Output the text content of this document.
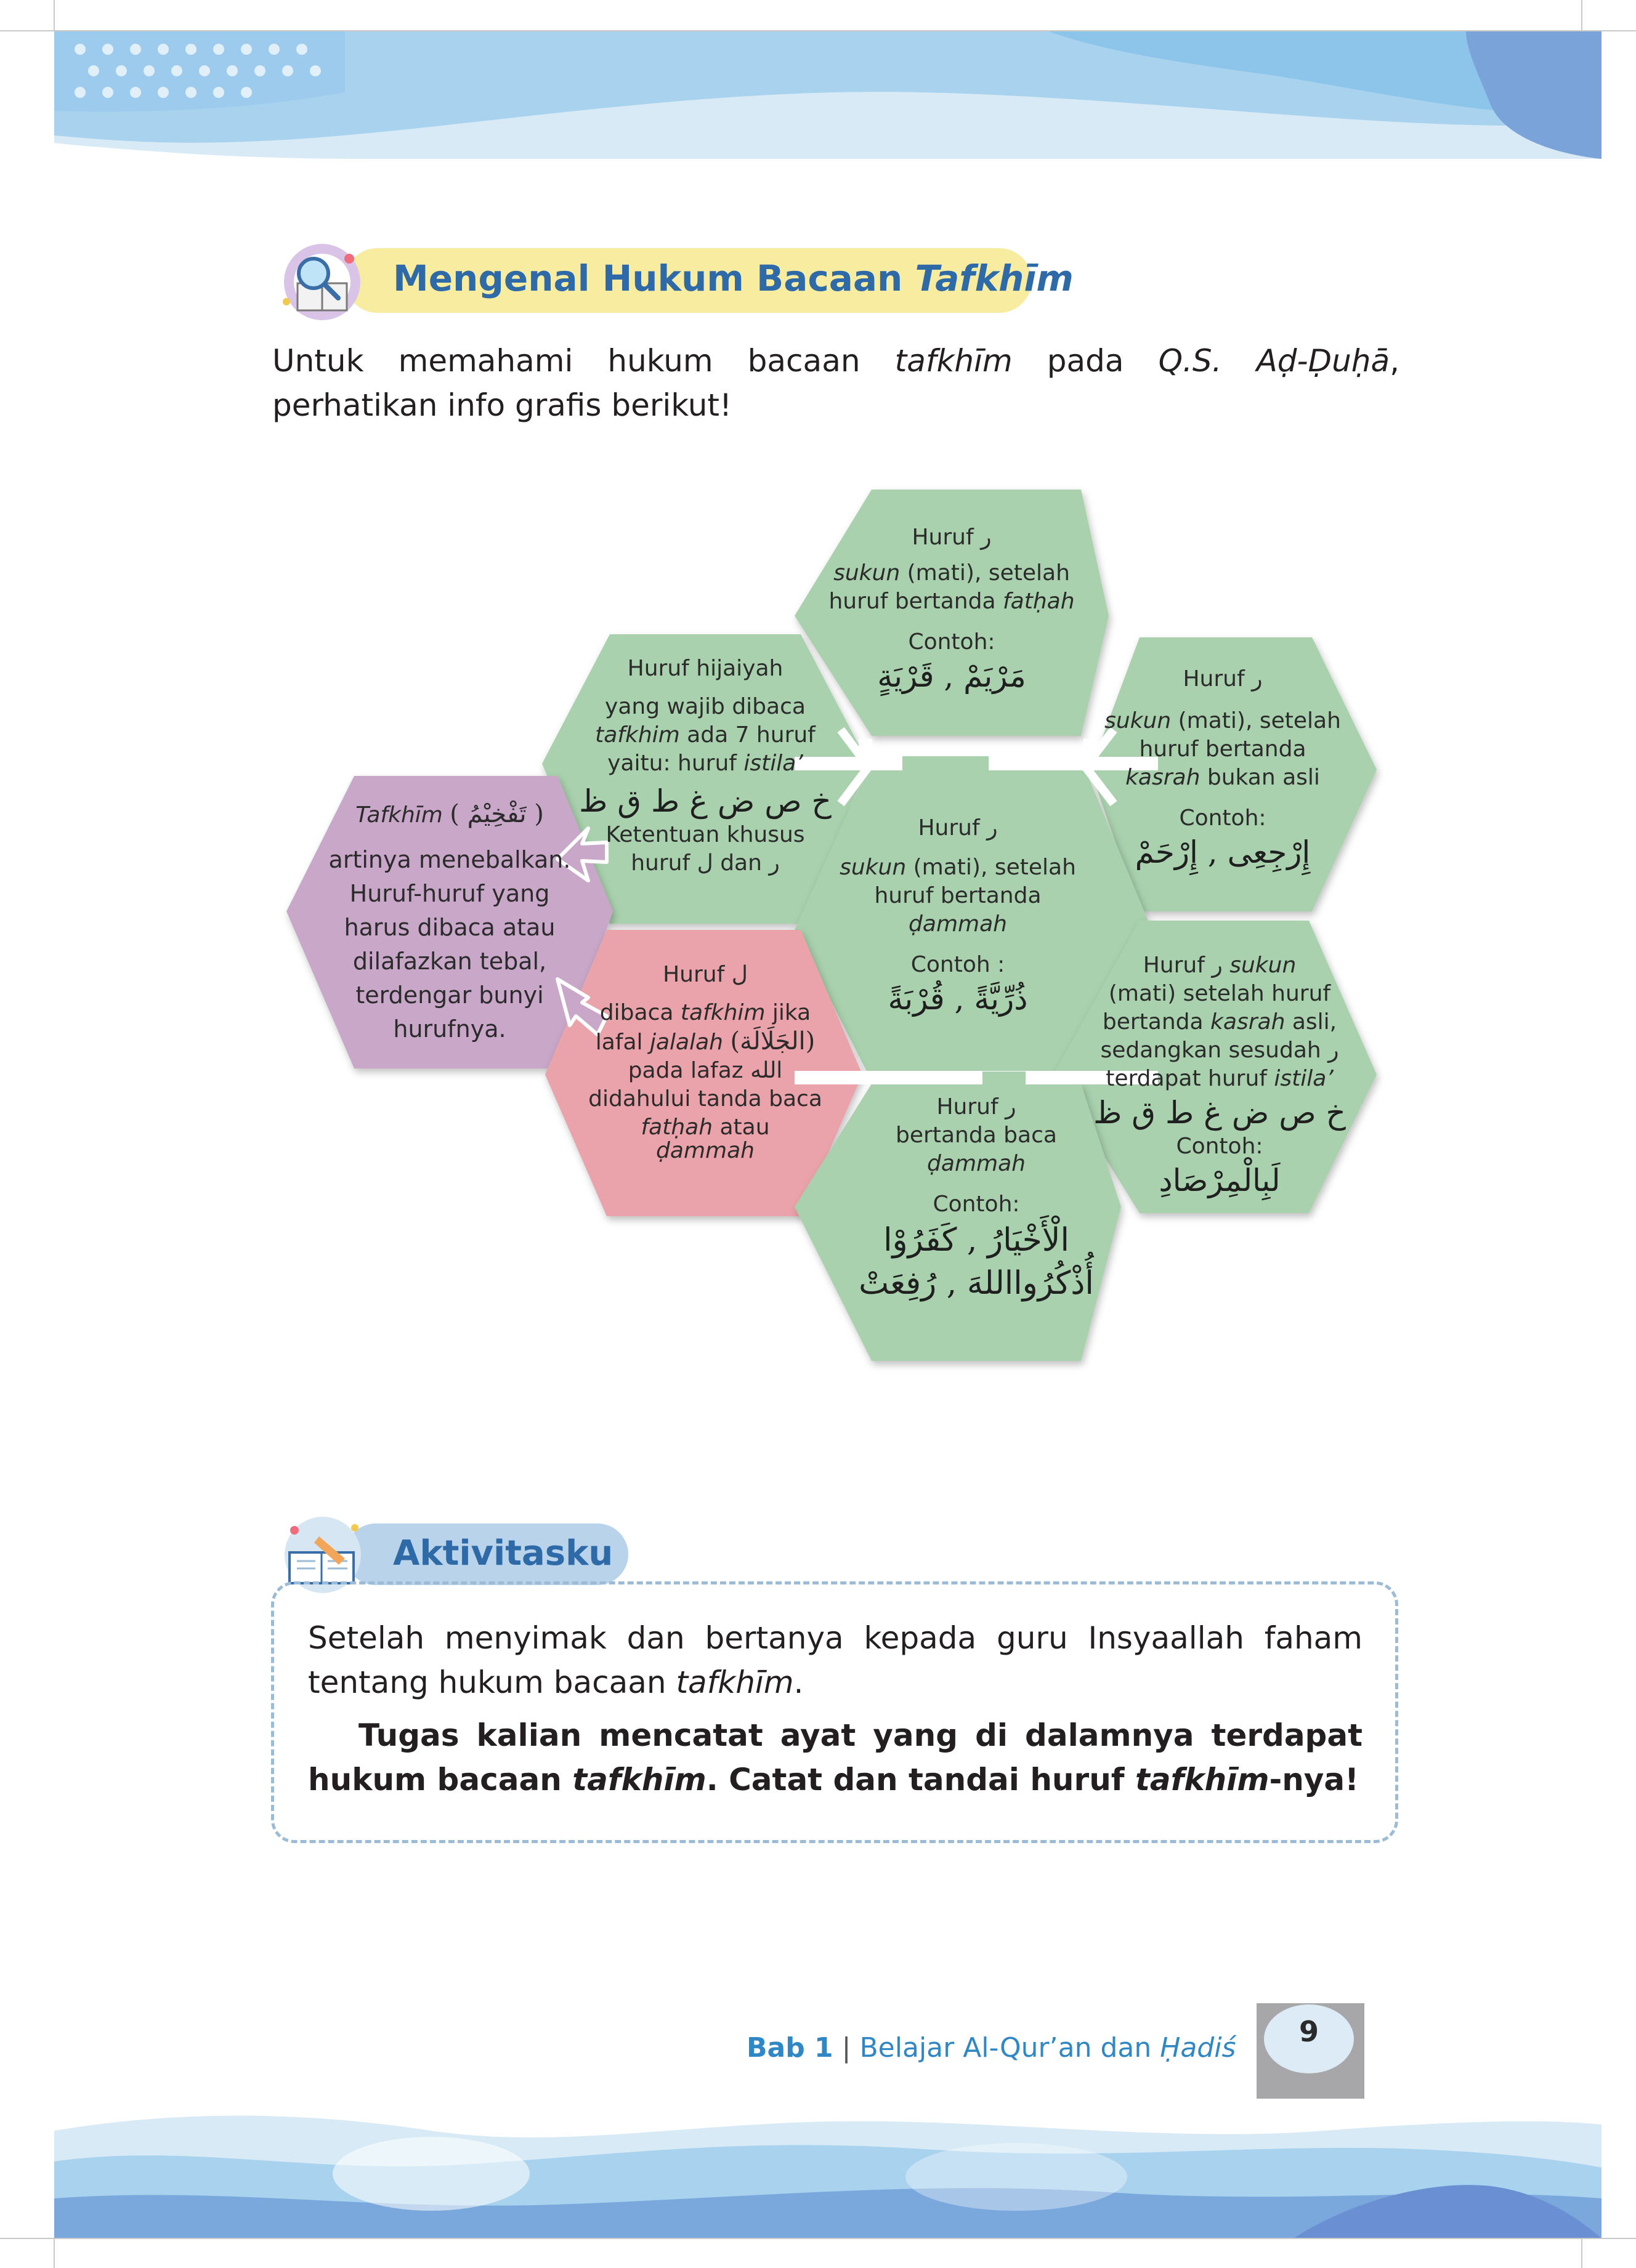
Mengenal Hukum Bacaan Tafkhīm
Untuk memahami hukum bacaan tafkhīm pada Q.S. Aḍ-Ḍuḥā, perhatikan info grafis berikut!
Huruf ر
sukun (mati), setelah
huruf bertanda fatḥah
Contoh:
مَرْيَمْ , قَرْيَةٍ
Huruf hijaiyah
yang wajib dibaca
tafkhim ada 7 huruf
yaitu: huruf istila’
خ ص ض غ ط ق ظ
Ketentuan khusus
huruf ل dan ر
Huruf ر
sukun (mati), setelah
huruf bertanda
kasrah bukan asli
Contoh:
إِرْجِعِى , إِرْحَمْ
Tafkhīm ( تَفْخِيْمُ )
artinya menebalkan. Huruf-huruf yang harus dibaca atau dilafazkan tebal, terdengar bunyi hurufnya.
Huruf ر
sukun (mati), setelah
huruf bertanda
ḍammah
Contoh :
ذُرِّيَّةً , قُرْبَةً
Huruf ل
dibaca tafkhim jika
lafal jalalah (الجَلَالَة)
pada lafaz الله
didahului tanda baca
fatḥah atau
ḍammah
Huruf ر sukun
(mati) setelah huruf
bertanda kasrah asli,
sedangkan sesudah ر
terdapat huruf istila’
خ ص ض غ ط ق ظ
Contoh:
لَبِالْمِرْصَادِ
Huruf ر
bertanda baca
ḍammah
Contoh:
الْأَخْيَارُ , كَفَرُوْا
أُذْكُرُوااللهَ , رُفِعَتْ
Aktivitasku
Setelah menyimak dan bertanya kepada guru Insyaallah faham tentang hukum bacaan tafkhīm.
Tugas kalian mencatat ayat yang di dalamnya terdapat hukum bacaan tafkhīm. Catat dan tandai huruf tafkhīm-nya!
Bab 1 | Belajar Al-Qur’an dan Ḥadiś	9
